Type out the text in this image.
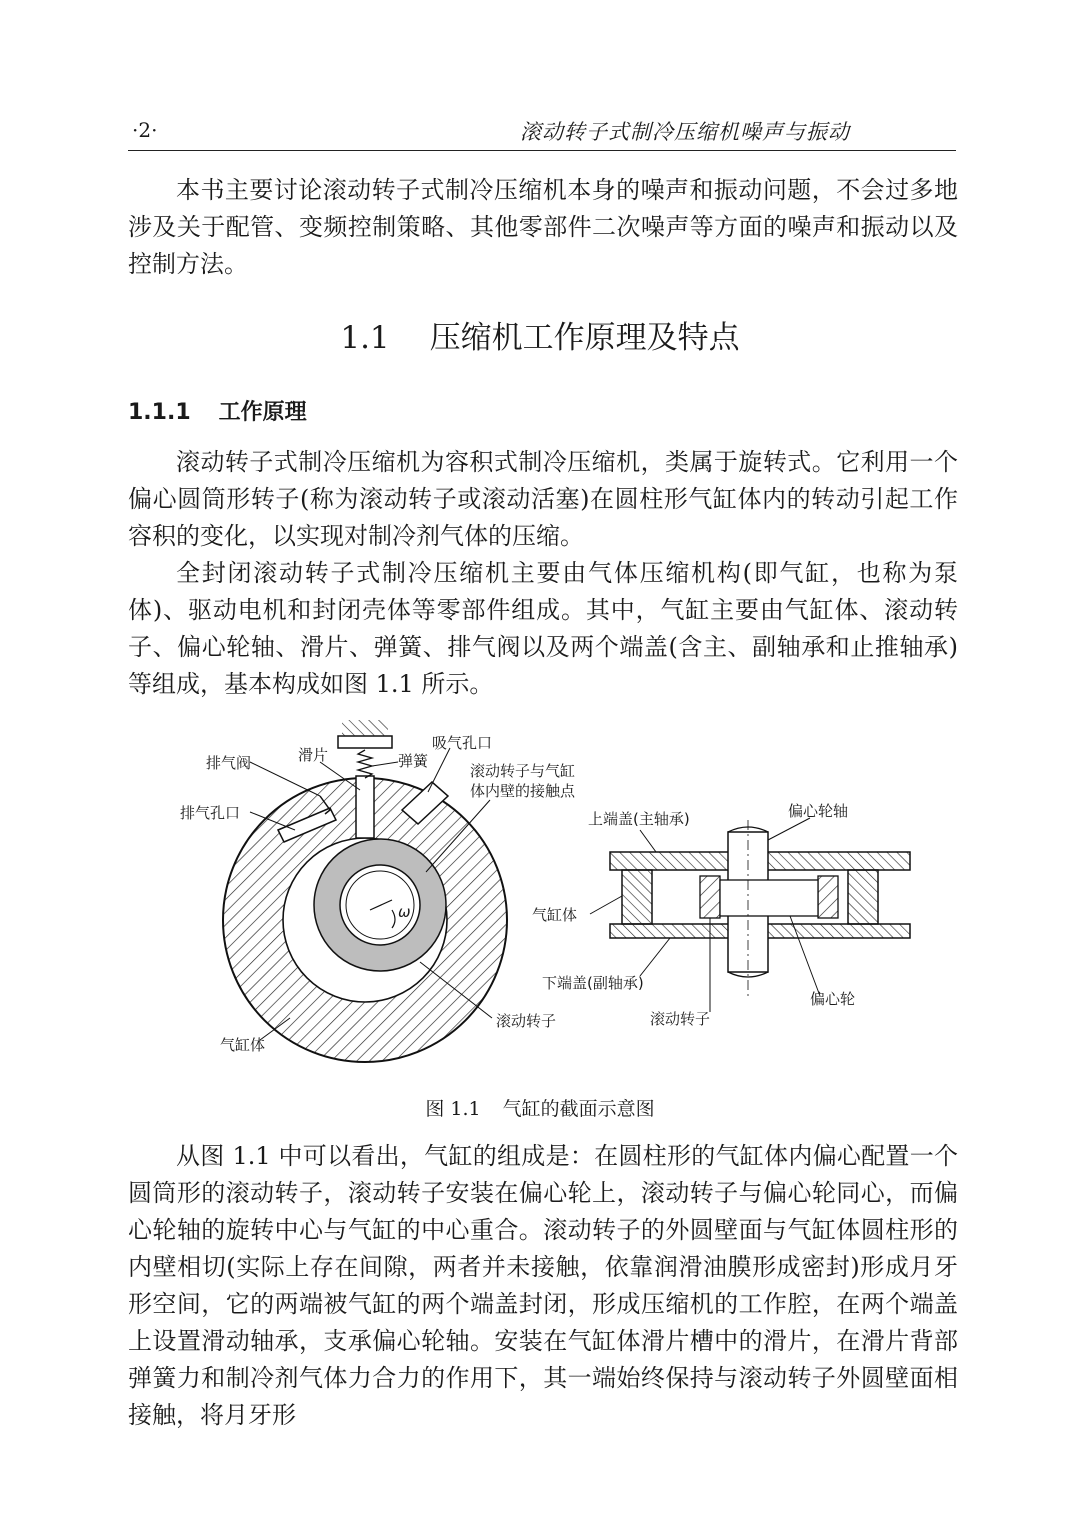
·2·	滚动转子式制冷压缩机噪声与振动

本书主要讨论滚动转子式制冷压缩机本身的噪声和振动问题，不会过多地涉及关于配管、变频控制策略、其他零部件二次噪声等方面的噪声和振动以及控制方法。

1.1 压缩机工作原理及特点
1.1.1 工作原理

滚动转子式制冷压缩机为容积式制冷压缩机，类属于旋转式。它利用一个偏心圆筒形转子(称为滚动转子或滚动活塞)在圆柱形气缸体内的转动引起工作容积的变化，以实现对制冷剂气体的压缩。

全封闭滚动转子式制冷压缩机主要由气体压缩机构(即气缸，也称为泵体)、驱动电机和封闭壳体等零部件组成。其中，气缸主要由气缸体、滚动转子、偏心轮轴、滑片、弹簧、排气阀以及两个端盖(含主、副轴承和止推轴承)等组成，基本构成如图 1.1 所示。

ω
滑片
排气阀	弹簧
吸气孔口
排气孔口
滚动转子与气缸
体内壁的接触点
滚动转子
气缸体
上端盖(主轴承)	偏心轮轴
气缸体
下端盖(副轴承)
偏心轮
滚动转子
图 1.1 气缸的截面示意图

从图 1.1 中可以看出，气缸的组成是：在圆柱形的气缸体内偏心配置一个圆筒形的滚动转子，滚动转子安装在偏心轮上，滚动转子与偏心轮同心，而偏心轮轴的旋转中心与气缸的中心重合。滚动转子的外圆壁面与气缸体圆柱形的内壁相切(实际上存在间隙，两者并未接触，依靠润滑油膜形成密封)形成月牙形空间，它的两端被气缸的两个端盖封闭，形成压缩机的工作腔，在两个端盖上设置滑动轴承，支承偏心轮轴。安装在气缸体滑片槽中的滑片，在滑片背部弹簧力和制冷剂气体力合力的作用下，其一端始终保持与滚动转子外圆壁面相接触，将月牙形
